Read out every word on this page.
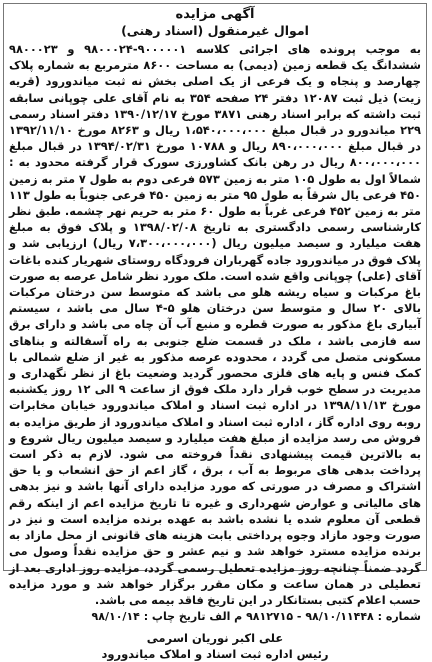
آگهی مزایده
اموال غیرمنقول (اسناد رهنی)

به موجب پرونده های اجرائی کلاسه ۹۰۰۰۰۰۱-۹۸۰۰۰۲۴ و ۹۸۰۰۰۲۳ ششدانگ یک قطعه زمین (دیمی) به مساحت ۸۶۰۰ مترمربع به شماره پلاک چهارصد و پنجاه و یک فرعی از یک اصلی بخش نه ثبت میاندورود (قریه زیت) ذیل ثبت ۱۲۰۸۷ دفتر ۲۴ صفحه ۳۵۴ به نام آقای علی چوپانی سابقه ثبت داشته که برابر اسناد رهنی ۳۸۷۱ مورخ ۱۳۹۰/۱۲/۱۷ دفتر اسناد رسمی ۲۲۹ میاندورو در قبال مبلغ ۱،۵۴۰،۰۰۰،۰۰۰ ریال و ۸۲۶۳ مورخ ۱۳۹۲/۱۱/۱۰ در قبال مبلغ ۸۹۰،۰۰۰،۰۰۰ ریال و ۱۰۷۸۸ مورخ ۱۳۹۴/۰۲/۳۱ در قبال مبلغ ۸۰۰،۰۰۰،۰۰۰ ریال در رهن بانک کشاورزی سورک قرار گرفته محدود به : شمالاً اول به طول ۱۰۵ متر به زمین ۵۷۳ فرعی دوم به طول ۷ متر به زمین ۴۵۰ فرعی یال شرقاً به طول ۹۵ متر به زمین ۴۵۰ فرعی جنوباً به طول ۱۱۳ متر به زمین ۴۵۲ فرعی غرباً به طول ۶۰ متر به حریم نهر چشمه. طبق نظر کارشناسی رسمی دادگستری به تاریخ ۱۳۹۸/۰۲/۰۸ و پلاک فوق به مبلغ هفت میلیارد و سیصد میلیون ریال (۷،۳۰۰،۰۰۰،۰۰۰ ریال) ارزیابی شد و پلاک فوق در میاندورود جاده گهرباران فرودگاه روستای شهریار کنده باغات آقای (علی) چوپانی واقع شده است. ملک مورد نظر شامل عرصه به صورت باغ مرکبات و سیاه ریشه هلو می باشد که متوسط سن درختان مرکبات بالای ۲۰ سال و متوسط سن درختان هلو ۵-۴ سال می باشد ، سیستم آبیاری باغ مذکور به صورت قطره و منبع آب آن چاه می باشد و دارای برق سه فازمی باشد ، ملک در قسمت ضلع جنوبی به راه آسفالته و بناهای مسکونی متصل می گردد ، محدوده عرصه مذکور به غیر از ضلع شمالی با کمک فنس و پایه های فلزی محصور گردید وضعیت باغ از نظر نگهداری و مدیریت در سطح خوب قرار دارد ملک فوق از ساعت ۹ الی ۱۲ روز یکشنبه مورخ ۱۳۹۸/۱۱/۱۳ در اداره ثبت اسناد و املاک میاندورود خیابان مخابرات روبه روی اداره گاز ، اداره ثبت اسناد و املاک میاندورود از طریق مزایده به فروش می رسد مزایده از مبلغ هفت میلیارد و سیصد میلیون ریال شروع و به بالاترین قیمت پیشنهادی نقداً فروخته می شود. لازم به ذکر است پرداخت بدهی های مربوط به آب ، برق ، گاز اعم از حق انشعاب و یا حق اشتراک و مصرف در صورتی که مورد مزایده دارای آنها باشد و نیز بدهی های مالیاتی و عوارض شهرداری و غیره تا تاریخ مزایده اعم از اینکه رقم قطعی آن معلوم شده یا نشده باشد به عهده برنده مزایده است و نیز در صورت وجود مازاد وجوه پرداختی بابت هزینه های قانونی از محل مازاد به برنده مزایده مسترد خواهد شد و نیم عشر و حق مزایده نقداً وصول می گردد ضمناً چنانچه روز مزایده تعطیل رسمی گردد، مزایده روز اداری بعد از تعطیلی در همان ساعت و مکان مقرر برگزار خواهد شد و مورد مزایده حسب اعلام کتبی بستانکار در این تاریخ فاقد بیمه می باشد.

شماره : ۹۸/۱۰/۱۱۴۴۸ - ۹۸۱۲۷۱۵ م الف تاریخ چاپ : ۹۸/۱۰/۱۴
علی اکبر نوریان اسرمی
رئیس اداره ثبت اسناد و املاک میاندورود
